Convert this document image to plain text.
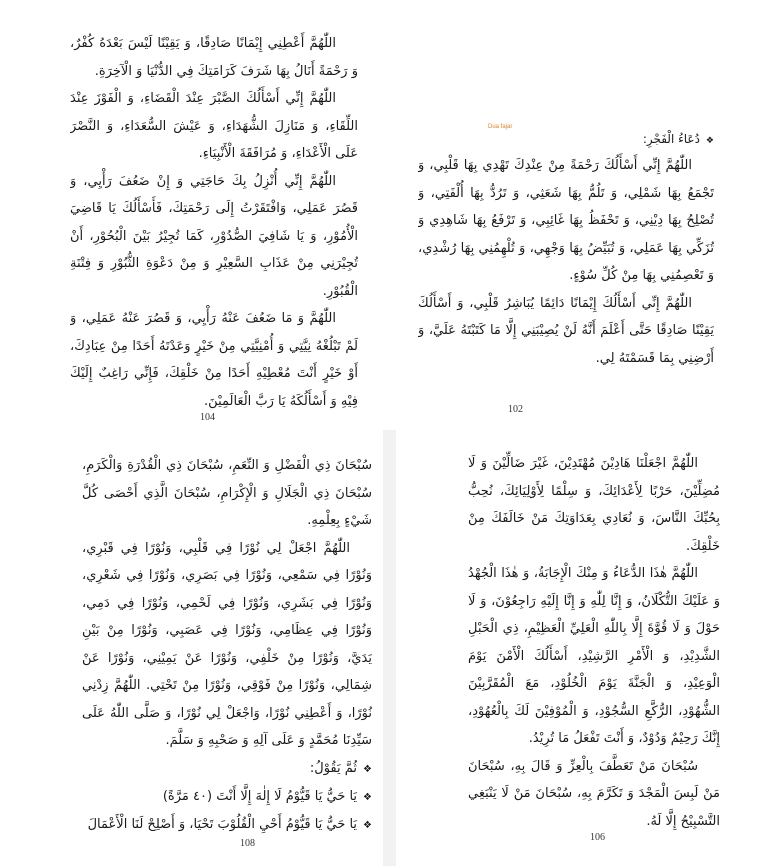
اللّٰهُمَّ أَعْطِنِي إِيْمَانًا صَادِقًا، وَ يَقِيْنًا لَيْسَ بَعْدَهُ كُفْرٌ، وَ رَحْمَةً أَنَالُ بِهَا شَرَفَ كَرَامَتِكَ فِي الدُّنْيَا وَ الْآخِرَةِ.

اللّٰهُمَّ إِنِّي أَسْأَلُكَ الصَّبْرَ عِنْدَ الْقَضَاءِ، وَ الْفَوْزَ عِنْدَ اللِّقَاءِ، وَ مَنَازِلَ الشُّهَدَاءِ، وَ عَيْشَ السُّعَدَاءِ، وَ النَّصْرَ عَلَى الْأَعْدَاءِ، وَ مُرَافَقَةَ الْأَنْبِيَاءِ.

اللّٰهُمَّ إِنِّي أُنْزِلُ بِكَ حَاجَتِي وَ إِنْ ضَعُفَ رَأْيِي، وَ قَصُرَ عَمَلِي، وَافْتَقَرْتُ إِلَى رَحْمَتِكَ، فَأَسْأَلُكَ يَا قَاضِيَ الْأُمُوْرِ، وَ يَا شَافِيَ الصُّدُوْرِ، كَمَا تُجِيْرُ بَيْنَ الْبُحُوْرِ، أَنْ تُجِيْرَنِي مِنْ عَذَابِ السَّعِيْرِ وَ مِنْ دَعْوَةِ الثُّبُوْرِ وَ فِتْنَةِ الْقُبُوْرِ.

اللّٰهُمَّ وَ مَا ضَعُفَ عَنْهُ رَأْيِي، وَ قَصُرَ عَنْهُ عَمَلِي، وَ لَمْ تَبْلُغْهُ نِيَّتِي وَ أُمْنِيَّتِي مِنْ خَيْرٍ وَعَدْتَهُ أَحَدًا مِنْ عِبَادِكَ، أَوْ خَيْرٍ أَنْتَ مُعْطِيْهِ أَحَدًا مِنْ خَلْقِكَ، فَإِنِّي رَاغِبٌ إِلَيْكَ فِيْهِ وَ أَسْأَلُكَهُ يَا رَبَّ الْعَالَمِيْنَ.

104
Dua fajar
❖دُعَاءُ الْفَجْرِ:

اللّٰهُمَّ إِنِّي أَسْأَلُكَ رَحْمَةً مِنْ عِنْدِكَ تَهْدِي بِهَا قَلْبِي، وَ تَجْمَعُ بِهَا شَمْلِي، وَ تَلُمُّ بِهَا شَعَثِي، وَ تَرُدُّ بِهَا أُلْفَتِي، وَ تُصْلِحُ بِهَا دِيْنِي، وَ تَحْفَظُ بِهَا غَائِبِي، وَ تَرْفَعُ بِهَا شَاهِدِي وَ تُزَكِّي بِهَا عَمَلِي، وَ تُبَيِّضُ بِهَا وَجْهِي، وَ تُلْهِمُنِي بِهَا رُشْدِي، وَ تَعْصِمُنِي بِهَا مِنْ كُلِّ سُوْءٍ.

اللّٰهُمَّ إِنِّي أَسْأَلُكَ إِيْمَانًا دَائِمًا يُبَاشِرُ قَلْبِي، وَ أَسْأَلُكَ يَقِيْنًا صَادِقًا حَتَّى أَعْلَمَ أَنَّهُ لَنْ يُصِيْبَنِي إِلَّا مَا كَتَبْتَهُ عَلَيَّ، وَ أَرْضِنِي بِمَا قَسَمْتَهُ لِي.

102

سُبْحَانَ ذِي الْفَضْلِ وَ النِّعَمِ، سُبْحَانَ ذِي الْقُدْرَةِ وَالْكَرَمِ، سُبْحَانَ ذِي الْجَلَالِ وَ الْإِكْرَامِ، سُبْحَانَ الَّذِي أَحْصَى كُلَّ شَيْءٍ بِعِلْمِهِ.

اللّٰهُمَّ اجْعَلْ لِي نُوْرًا فِي قَلْبِي، وَنُوْرًا فِي قَبْرِي، وَنُوْرًا فِي سَمْعِي، وَنُوْرًا فِي بَصَرِي، وَنُوْرًا فِي شَعْرِي، وَنُوْرًا فِي بَشَرِي، وَنُوْرًا فِي لَحْمِي، وَنُوْرًا فِي دَمِي، وَنُوْرًا فِي عِظَامِي، وَنُوْرًا فِي عَصَبِي، وَنُوْرًا مِنْ بَيْنِ يَدَيَّ، وَنُوْرًا مِنْ خَلْفِي، وَنُوْرًا عَنْ يَمِيْنِي، وَنُوْرًا عَنْ شِمَالِي، وَنُوْرًا مِنْ فَوْقِي، وَنُوْرًا مِنْ تَحْتِي. اللّٰهُمَّ زِدْنِي نُوْرًا، وَ أَعْطِنِي نُوْرًا، وَاجْعَلْ لِي نُوْرًا، وَ صَلَّى اللّٰهُ عَلَى سَيِّدِنَا مُحَمَّدٍ وَ عَلَى آلِهِ وَ صَحْبِهِ وَ سَلَّمَ.

❖ثُمَّ يَقُوْلُ:
❖يَا حَيُّ يَا قَيُّوْمُ لَا إِلٰهَ إِلَّا أَنْتَ (٤٠ مَرَّةً)
❖يَا حَيُّ يَا قَيُّوْمُ أَحْيِ الْقُلُوْبَ تَحْيَا، وَ أَصْلِحْ لَنَا الْأَعْمَالَ
108

اللّٰهُمَّ اجْعَلْنَا هَادِيْنَ مُهْتَدِيْنَ، غَيْرَ ضَالِّيْنَ وَ لَا مُضِلِّيْنَ، حَرْبًا لِأَعْدَائِكَ، وَ سِلْمًا لِأَوْلِيَائِكَ، نُحِبُّ بِحُبِّكَ النَّاسَ، وَ نُعَادِي بِعَدَاوَتِكَ مَنْ خَالَفَكَ مِنْ خَلْقِكَ.

اللّٰهُمَّ هٰذَا الدُّعَاءُ وَ مِنْكَ الْإِجَابَةُ، وَ هٰذَا الْجُهْدُ وَ عَلَيْكَ التُّكْلَانُ، وَ إِنَّا لِلّٰهِ وَ إِنَّا إِلَيْهِ رَاجِعُوْنَ، وَ لَا حَوْلَ وَ لَا قُوَّةَ إِلَّا بِاللّٰهِ الْعَلِيِّ الْعَظِيْمِ، ذِي الْحَبْلِ الشَّدِيْدِ، وَ الْأَمْرِ الرَّشِيْدِ، أَسْأَلُكَ الْأَمْنَ يَوْمَ الْوَعِيْدِ، وَ الْجَنَّةَ يَوْمَ الْخُلُوْدِ، مَعَ الْمُقَرَّبِيْنَ الشُّهُوْدِ، الرُّكَّعِ السُّجُوْدِ، وَ الْمُوْفِيْنَ لَكَ بِالْعُهُوْدِ، إِنَّكَ رَحِيْمٌ وَدُوْدٌ، وَ أَنْتَ تَفْعَلُ مَا تُرِيْدُ.

سُبْحَانَ مَنْ تَعَطَّفَ بِالْعِزِّ وَ قَالَ بِهِ، سُبْحَانَ مَنْ لَبِسَ الْمَجْدَ وَ تَكَرَّمَ بِهِ، سُبْحَانَ مَنْ لَا يَنْبَغِي التَّسْبِيْحُ إِلَّا لَهُ.

106
